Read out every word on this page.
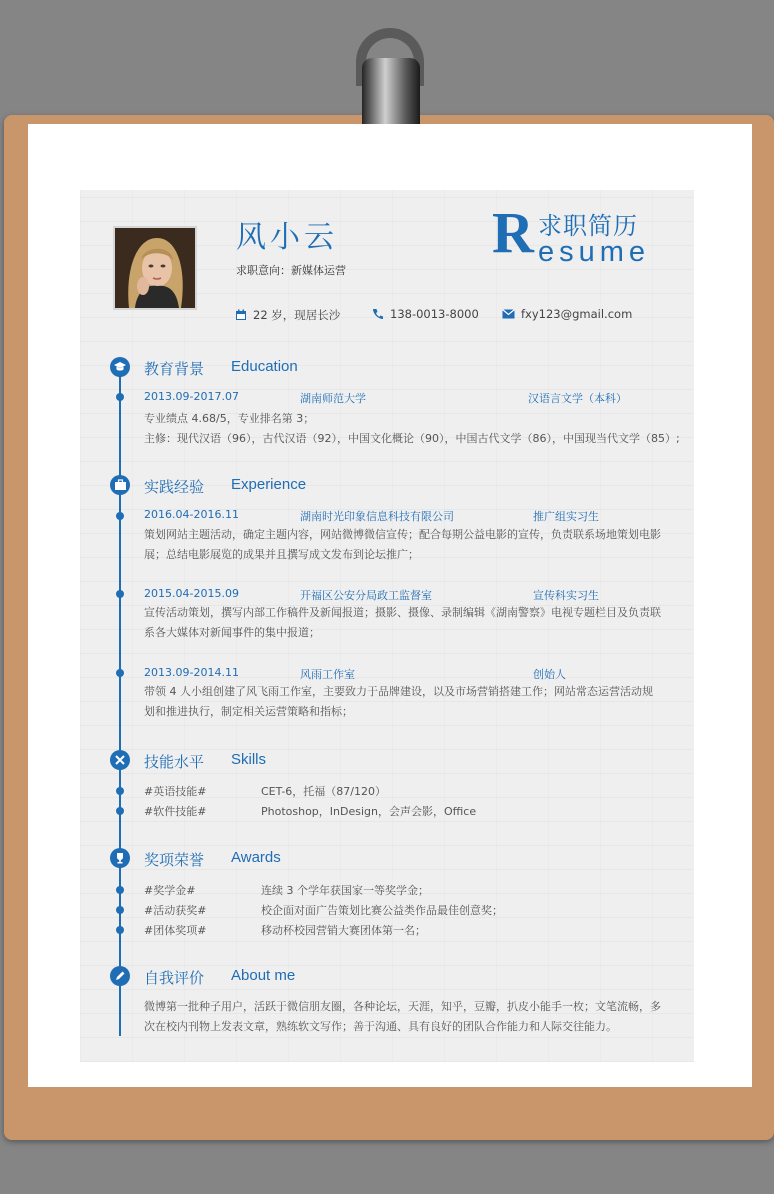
风小云
求职意向：新媒体运营
R 求职简历
esume
22 岁，现居长沙	138-0013-8000	fxy123@gmail.com
教育背景 Education
2013.09-2017.07	湖南师范大学	汉语言文学（本科）
专业绩点 4.68/5，专业排名第 3；
主修：现代汉语（96），古代汉语（92），中国文化概论（90），中国古代文学（86），中国现当代文学（85）;
实践经验 Experience
2016.04-2016.11	湖南时光印象信息科技有限公司	推广组实习生
策划网站主题活动，确定主题内容，网站微博微信宣传；配合每期公益电影的宣传，负责联系场地策划电影展；总结电影展览的成果并且撰写成文发布到论坛推广；
2015.04-2015.09	开福区公安分局政工监督室	宣传科实习生
宣传活动策划，撰写内部工作稿件及新闻报道；摄影、摄像、录制编辑《湖南警察》电视专题栏目及负责联系各大媒体对新闻事件的集中报道；
2013.09-2014.11	风雨工作室	创始人
带领 4 人小组创建了风飞雨工作室，主要致力于品牌建设，以及市场营销搭建工作；网站常态运营活动规划和推进执行，制定相关运营策略和指标；
技能水平 Skills
#英语技能#	CET-6，托福（87/120）
#软件技能#	Photoshop，InDesign，会声会影，Office
奖项荣誉 Awards
#奖学金#	连续 3 个学年获国家一等奖学金；
#活动获奖#	校企面对面广告策划比赛公益类作品最佳创意奖；
#团体奖项#	移动杯校园营销大赛团体第一名；
自我评价 About me
微博第一批种子用户，活跃于微信朋友圈，各种论坛，天涯，知乎，豆瓣，扒皮小能手一枚；文笔流畅，多次在校内刊物上发表文章，熟练软文写作；善于沟通、具有良好的团队合作能力和人际交往能力。
